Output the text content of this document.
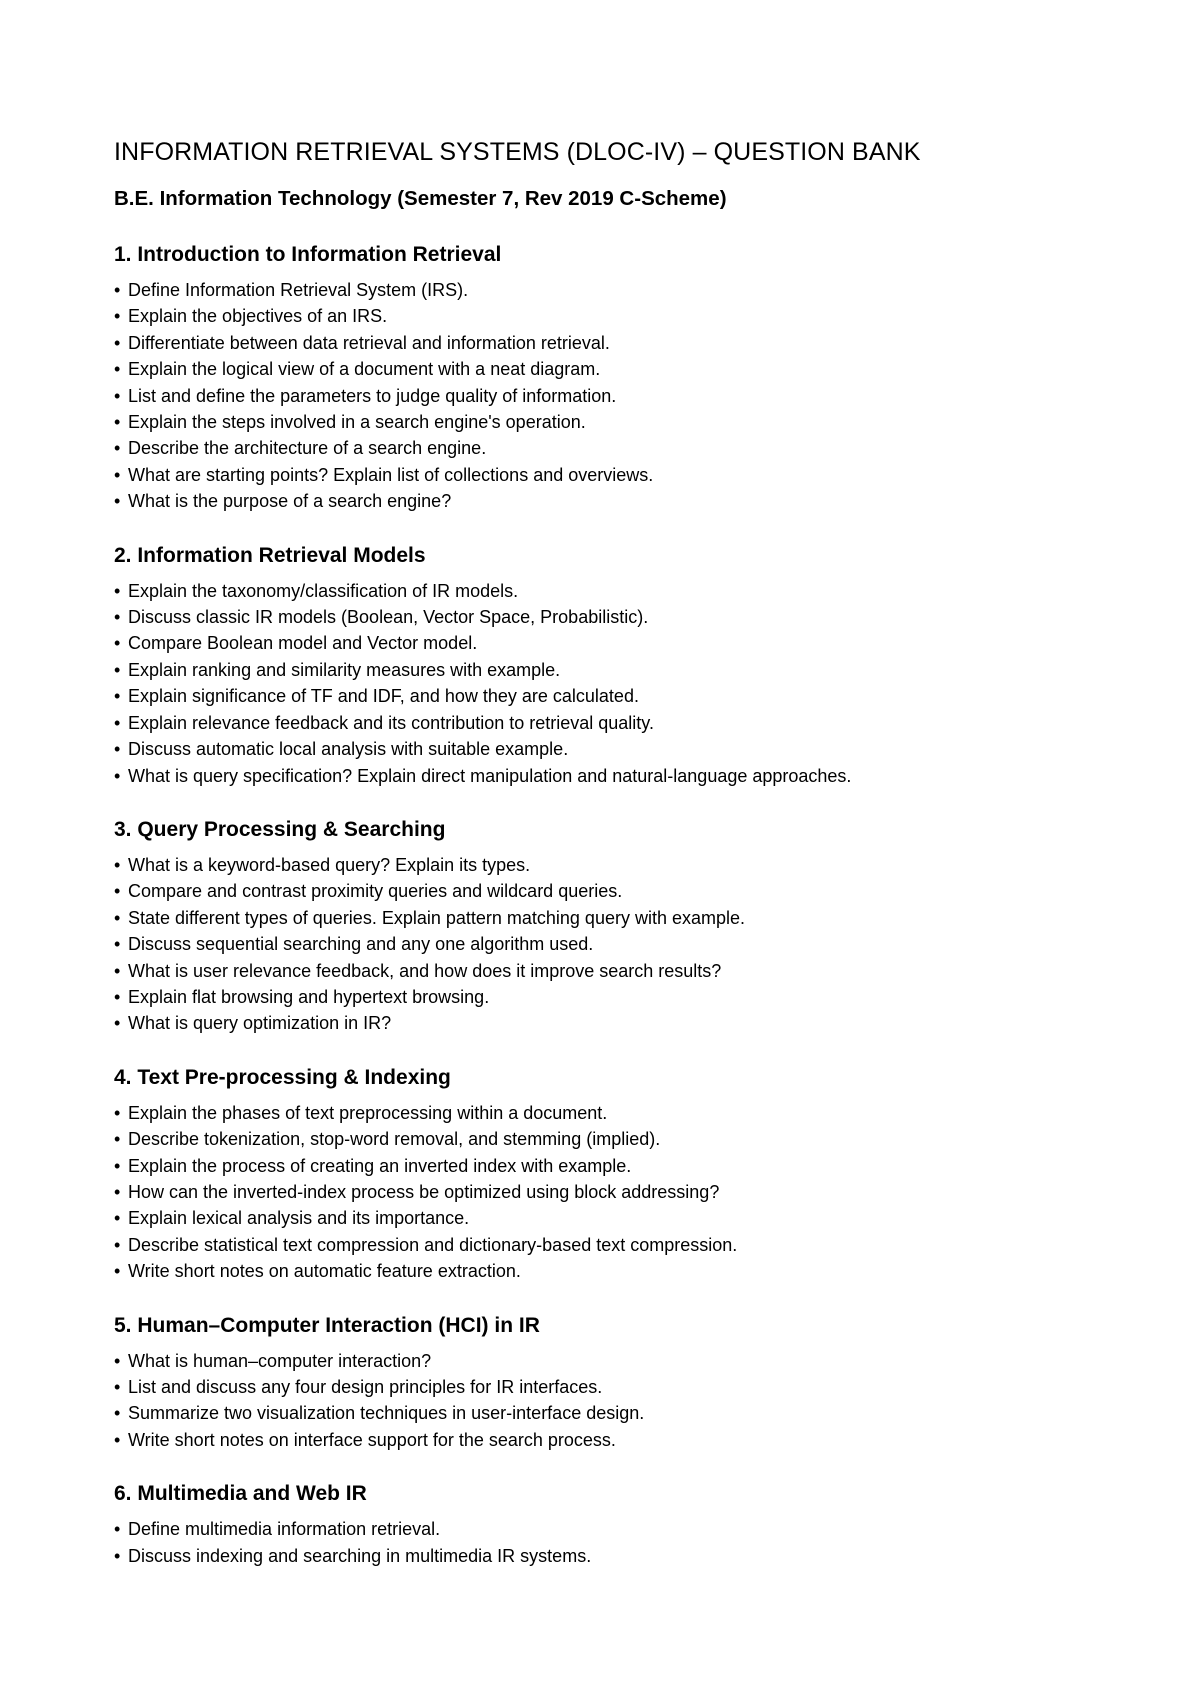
INFORMATION RETRIEVAL SYSTEMS (DLOC-IV) – QUESTION BANK
B.E. Information Technology (Semester 7, Rev 2019 C-Scheme)
1. Introduction to Information Retrieval
• Define Information Retrieval System (IRS).
• Explain the objectives of an IRS.
• Differentiate between data retrieval and information retrieval.
• Explain the logical view of a document with a neat diagram.
• List and define the parameters to judge quality of information.
• Explain the steps involved in a search engine's operation.
• Describe the architecture of a search engine.
• What are starting points? Explain list of collections and overviews.
• What is the purpose of a search engine?
2. Information Retrieval Models
• Explain the taxonomy/classification of IR models.
• Discuss classic IR models (Boolean, Vector Space, Probabilistic).
• Compare Boolean model and Vector model.
• Explain ranking and similarity measures with example.
• Explain significance of TF and IDF, and how they are calculated.
• Explain relevance feedback and its contribution to retrieval quality.
• Discuss automatic local analysis with suitable example.
• What is query specification? Explain direct manipulation and natural-language approaches.
3. Query Processing & Searching
• What is a keyword-based query? Explain its types.
• Compare and contrast proximity queries and wildcard queries.
• State different types of queries. Explain pattern matching query with example.
• Discuss sequential searching and any one algorithm used.
• What is user relevance feedback, and how does it improve search results?
• Explain flat browsing and hypertext browsing.
• What is query optimization in IR?
4. Text Pre-processing & Indexing
• Explain the phases of text preprocessing within a document.
• Describe tokenization, stop-word removal, and stemming (implied).
• Explain the process of creating an inverted index with example.
• How can the inverted-index process be optimized using block addressing?
• Explain lexical analysis and its importance.
• Describe statistical text compression and dictionary-based text compression.
• Write short notes on automatic feature extraction.
5. Human–Computer Interaction (HCI) in IR
• What is human–computer interaction?
• List and discuss any four design principles for IR interfaces.
• Summarize two visualization techniques in user-interface design.
• Write short notes on interface support for the search process.
6. Multimedia and Web IR
• Define multimedia information retrieval.
• Discuss indexing and searching in multimedia IR systems.
